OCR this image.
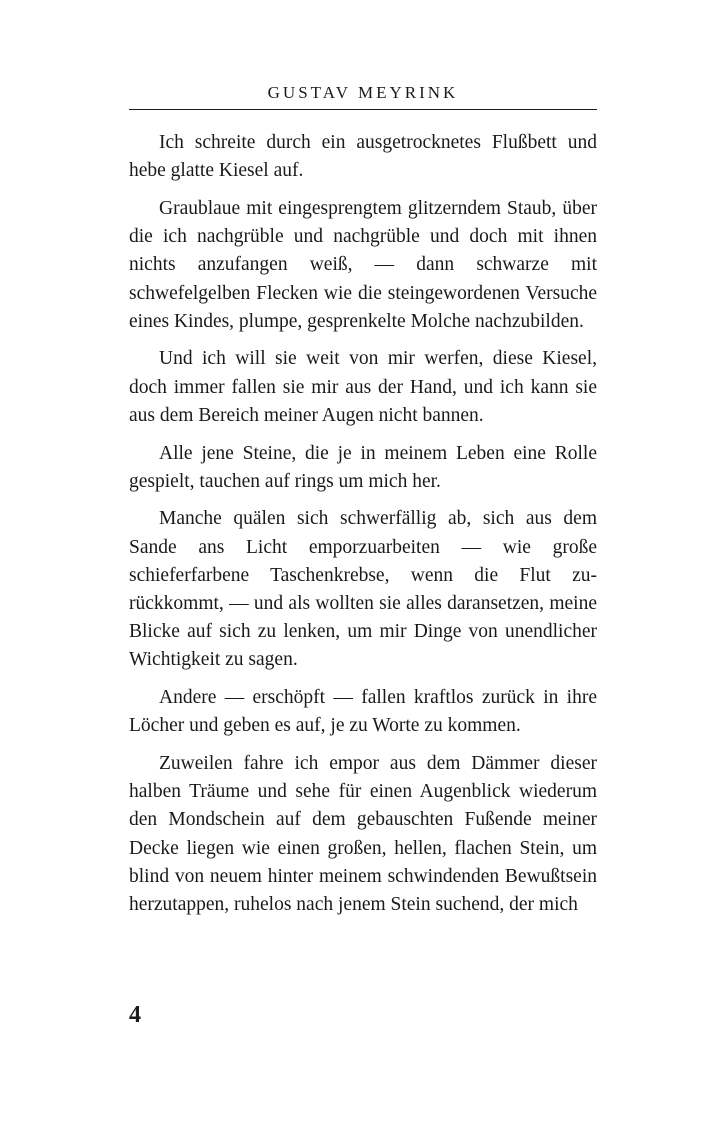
GUSTAV MEYRINK

Ich schreite durch ein ausgetrocknetes Flußbett und hebe glatte Kiesel auf.

Graublaue mit eingesprengtem glitzerndem Staub, über die ich nachgrüble und nachgrüble und doch mit ihnen nichts anzufangen weiß, — dann schwarze mit schwefelgelben Flecken wie die steingewordenen Versuche eines Kindes, plumpe, gesprenkelte Molche nachzubilden.

Und ich will sie weit von mir werfen, diese Kiesel, doch immer fallen sie mir aus der Hand, und ich kann sie aus dem Bereich meiner Augen nicht bannen.

Alle jene Steine, die je in meinem Leben eine Rolle gespielt, tauchen auf rings um mich her.

Manche quälen sich schwerfällig ab, sich aus dem Sande ans Licht emporzuarbeiten — wie große schieferfarbene Taschenkrebse, wenn die Flut zurückkommt, — und als wollten sie alles daransetzen, meine Blicke auf sich zu lenken, um mir Dinge von unendlicher Wichtigkeit zu sagen.

Andere — erschöpft — fallen kraftlos zurück in ihre Löcher und geben es auf, je zu Worte zu kommen.

Zuweilen fahre ich empor aus dem Dämmer dieser halben Träume und sehe für einen Augenblick wiederum den Mondschein auf dem gebauschten Fußende meiner Decke liegen wie einen großen, hellen, flachen Stein, um blind von neuem hinter meinem schwindenden Bewußtsein herzutappen, ruhelos nach jenem Stein suchend, der mich

4
